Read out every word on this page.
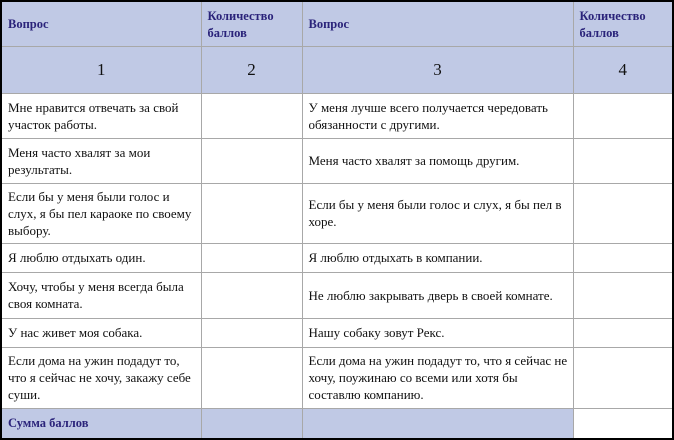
Вопрос	Количество баллов	Вопрос	Количество баллов
1	2	3	4
Мне нравится отвечать за свой участок работы.		У меня лучше всего получается чередовать обязанности с другими.	
Меня часто хвалят за мои результаты.		Меня часто хвалят за помощь другим.	
Если бы у меня были голос и слух, я бы пел караоке по своему выбору.		Если бы у меня были голос и слух, я бы пел в хоре.	
Я люблю отдыхать один.		Я люблю отдыхать в компании.	
Хочу, чтобы у меня всегда была своя комната.		Не люблю закрывать дверь в своей комнате.	
У нас живет моя собака.		Нашу собаку зовут Рекс.	
Если дома на ужин подадут то, что я сейчас не хочу, закажу себе суши.		Если дома на ужин подадут то, что я сейчас не хочу, поужинаю со всеми или хотя бы составлю компанию.	
Сумма баллов			
